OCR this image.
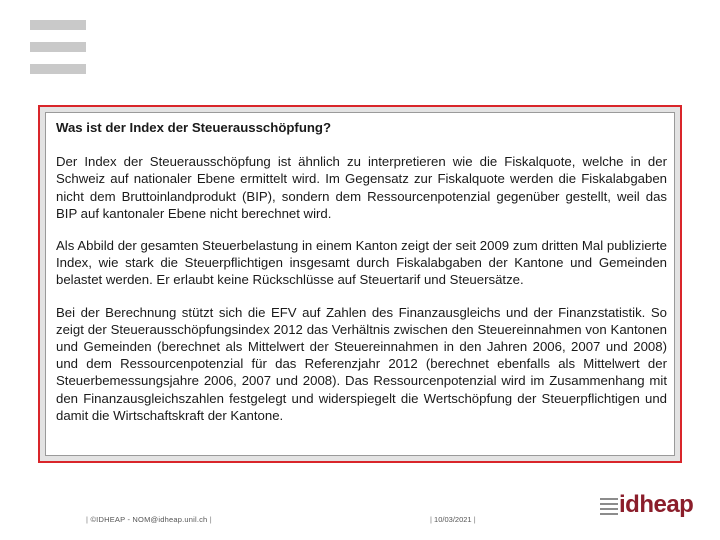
Was ist der Index der Steuerausschöpfung?

Der Index der Steuerausschöpfung ist ähnlich zu interpretieren wie die Fiskalquote, welche in der Schweiz auf nationaler Ebene ermittelt wird. Im Gegensatz zur Fiskalquote werden die Fiskalabgaben nicht dem Bruttoinlandprodukt (BIP), sondern dem Ressourcenpotenzial gegenüber gestellt, weil das BIP auf kantonaler Ebene nicht berechnet wird.

Als Abbild der gesamten Steuerbelastung in einem Kanton zeigt der seit 2009 zum dritten Mal publizierte Index, wie stark die Steuerpflichtigen insgesamt durch Fiskalabgaben der Kantone und Gemeinden belastet werden. Er erlaubt keine Rückschlüsse auf Steuertarif und Steuersätze.

Bei der Berechnung stützt sich die EFV auf Zahlen des Finanzausgleichs und der Finanzstatistik. So zeigt der Steuerausschöpfungsindex 2012 das Verhältnis zwischen den Steuereinnahmen von Kantonen und Gemeinden (berechnet als Mittelwert der Steuereinnahmen in den Jahren 2006, 2007 und 2008) und dem Ressourcenpotenzial für das Referenzjahr 2012 (berechnet ebenfalls als Mittelwert der Steuerbemessungsjahre 2006, 2007 und 2008). Das Ressourcenpotenzial wird im Zusammenhang mit den Finanzausgleichszahlen festgelegt und widerspiegelt die Wertschöpfung der Steuerpflichtigen und damit die Wirtschaftskraft der Kantone.

| ©IDHEAP - NOM@idheap.unil.ch |	| 10/03/2021 |
idheap
